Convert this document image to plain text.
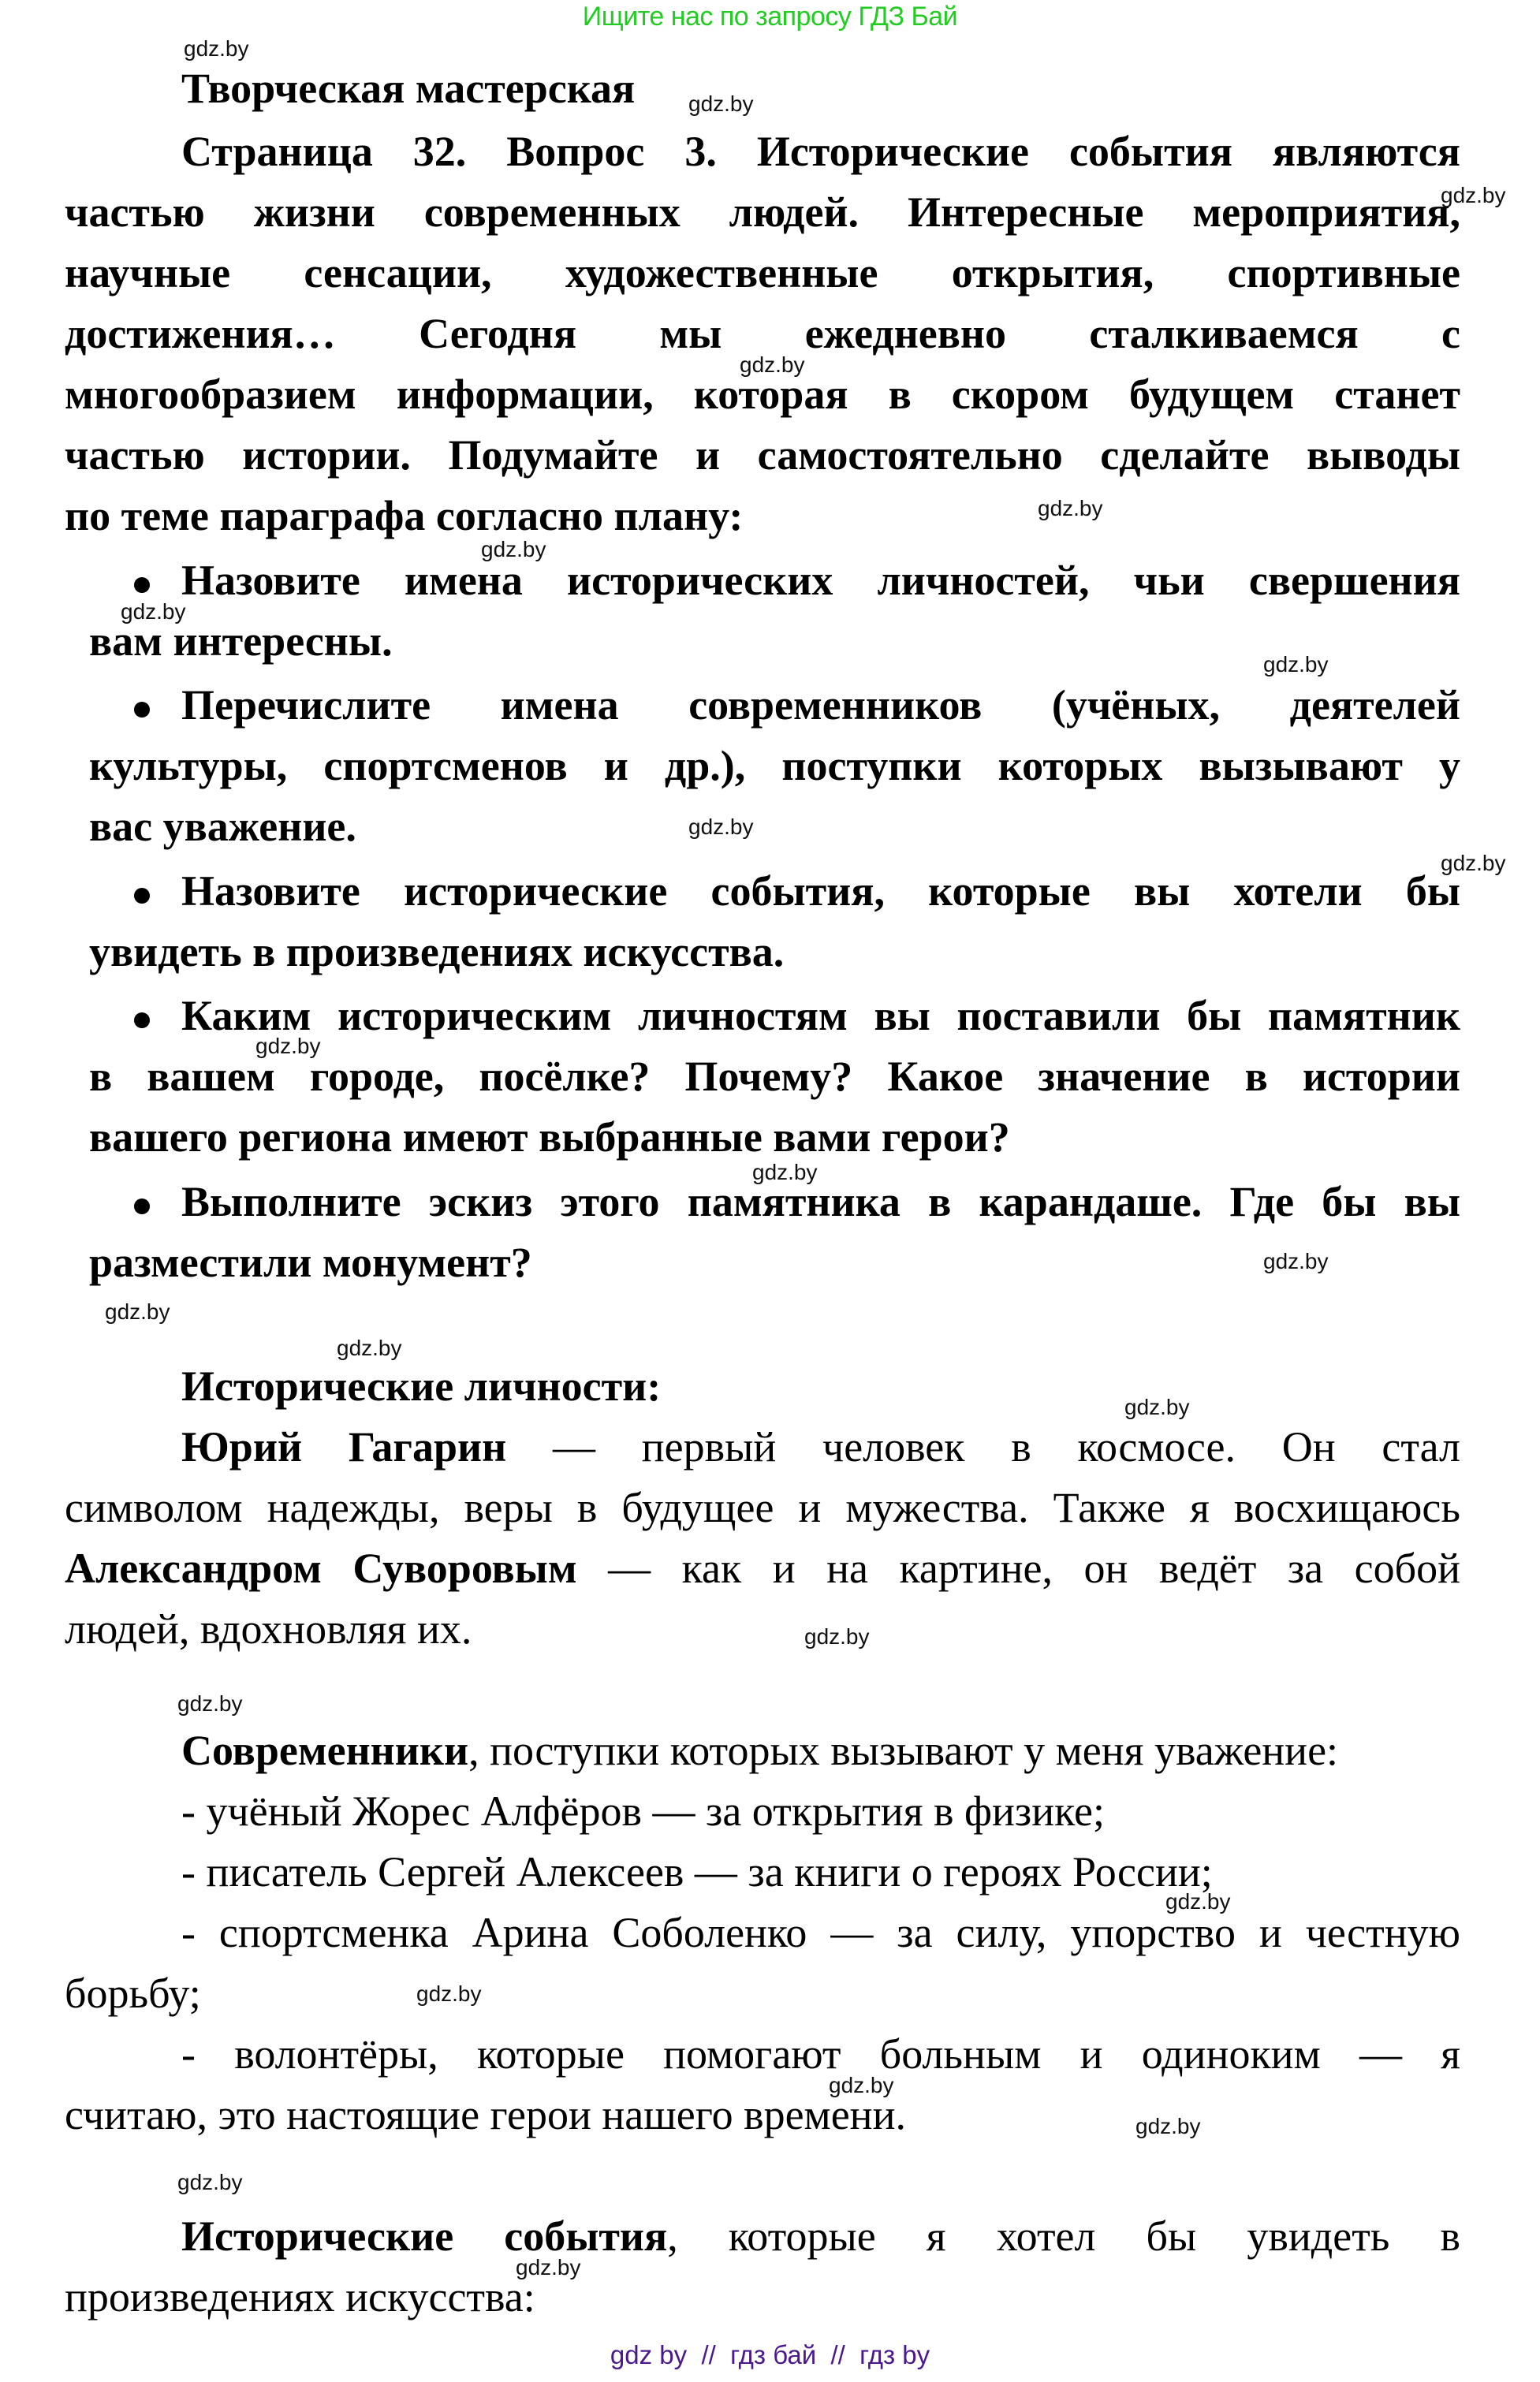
Ищите нас по запросу ГДЗ Бай
Творческая мастерская
Страница 32. Вопрос 3. Исторические события являются
частью жизни современных людей. Интересные мероприятия,
научные сенсации, художественные открытия, спортивные
достижения… Сегодня мы ежедневно сталкиваемся с
многообразием информации, которая в скором будущем станет
частью истории. Подумайте и самостоятельно сделайте выводы
по теме параграфа согласно плану:
Назовите имена исторических личностей, чьи свершения
вам интересны.
Перечислите имена современников (учёных, деятелей
культуры, спортсменов и др.), поступки которых вызывают у
вас уважение.
Назовите исторические события, которые вы хотели бы
увидеть в произведениях искусства.
Каким историческим личностям вы поставили бы памятник
в вашем городе, посёлке? Почему? Какое значение в истории
вашего региона имеют выбранные вами герои?
Выполните эскиз этого памятника в карандаше. Где бы вы
разместили монумент?
Исторические личности:
Юрий Гагарин — первый человек в космосе. Он стал
символом надежды, веры в будущее и мужества. Также я восхищаюсь
Александром Суворовым — как и на картине, он ведёт за собой
людей, вдохновляя их.
Современники, поступки которых вызывают у меня уважение:
- учёный Жорес Алфёров — за открытия в физике;
- писатель Сергей Алексеев — за книги о героях России;
- спортсменка Арина Соболенко — за силу, упорство и честную
борьбу;
- волонтёры, которые помогают больным и одиноким — я
считаю, это настоящие герои нашего времени.
Исторические события, которые я хотел бы увидеть в
произведениях искусства:
gdz.by
gdz.by
gdz.by
gdz.by
gdz.by
gdz.by
gdz.by
gdz.by
gdz.by
gdz.by
gdz.by
gdz.by
gdz.by
gdz.by
gdz.by
gdz.by
gdz.by
gdz.by
gdz.by
gdz.by
gdz.by
gdz.by
gdz.by
gdz.by
gdz by  //  гдз бай  //  гдз by
